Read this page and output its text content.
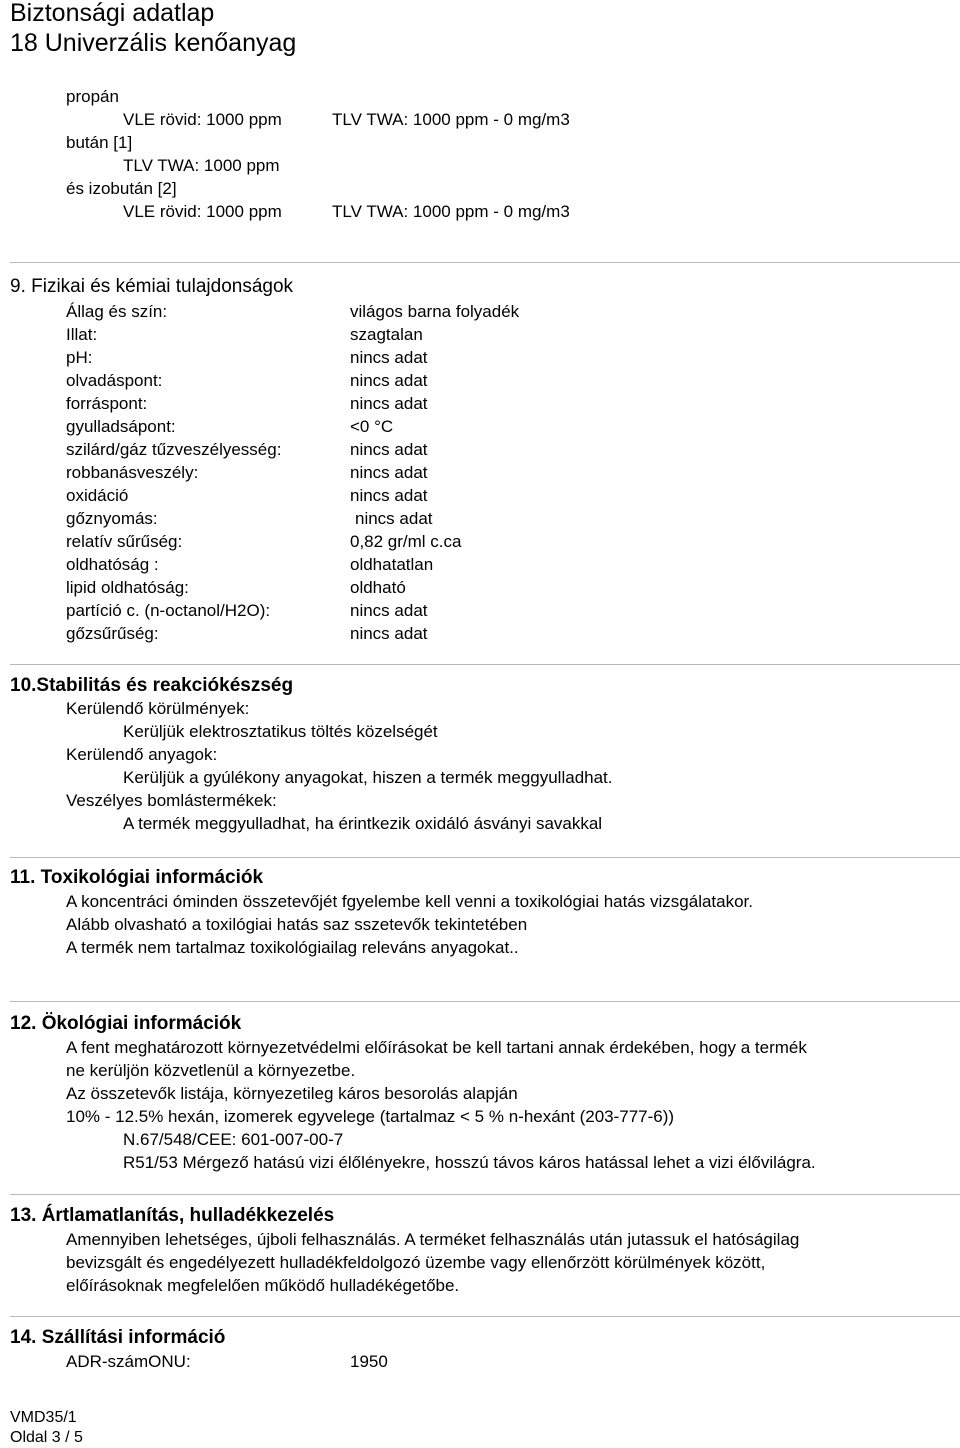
Biztonsági adatlap
18 Univerzális kenőanyag
propán
VLE rövid: 1000 ppm	TLV TWA: 1000 ppm - 0 mg/m3
bután [1]
TLV TWA: 1000 ppm
és izobután [2]
VLE rövid: 1000 ppm	TLV TWA: 1000 ppm - 0 mg/m3
9. Fizikai és kémiai tulajdonságok
Állag és szín:	világos barna folyadék
Illat:	szagtalan
pH:	nincs adat
olvadáspont:	nincs adat
forráspont:	nincs adat
gyulladsápont:	<0 °C
szilárd/gáz tűzveszélyesség:	nincs adat
robbanásveszély:	nincs adat
oxidáció	nincs adat
gőznyomás:	nincs adat
relatív sűrűség:	0,82 gr/ml c.ca
oldhatóság :	oldhatatlan
lipid oldhatóság:	oldható
partíció c. (n-octanol/H2O):	nincs adat
gőzsűrűség:	nincs adat
10.Stabilitás és reakciókészség
Kerülendő körülmények:
Kerüljük elektrosztatikus töltés közelségét
Kerülendő anyagok:
Kerüljük a gyúlékony anyagokat, hiszen a termék meggyulladhat.
Veszélyes bomlástermékek:
A termék meggyulladhat, ha érintkezik oxidáló ásványi savakkal
11. Toxikológiai információk
A koncentráci óminden összetevőjét fgyelembe kell venni a toxikológiai hatás vizsgálatakor.
Alább olvasható a toxilógiai hatás saz sszetevők tekintetében
A termék nem tartalmaz toxikológiailag releváns anyagokat..
12. Ökológiai információk
A fent meghatározott környezetvédelmi előírásokat be kell tartani annak érdekében, hogy a termék
ne kerüljön közvetlenül a környezetbe.
Az összetevők listája, környezetileg káros besorolás alapján
10% - 12.5% hexán, izomerek egyvelege (tartalmaz < 5 % n-hexánt (203-777-6))
N.67/548/CEE: 601-007-00-7
R51/53 Mérgező hatású vizi élőlényekre, hosszú távos káros hatással lehet a vizi élővilágra.
13. Ártlamatlanítás, hulladékkezelés
Amennyiben lehetséges, újboli felhasználás. A terméket felhasználás után jutassuk el hatóságilag
bevizsgált és engedélyezett hulladékfeldolgozó üzembe vagy ellenőrzött körülmények között,
előírásoknak megfelelően működő hulladékégetőbe.
14. Szállítási információ
ADR-számONU:	1950
VMD35/1
Oldal 3 / 5
